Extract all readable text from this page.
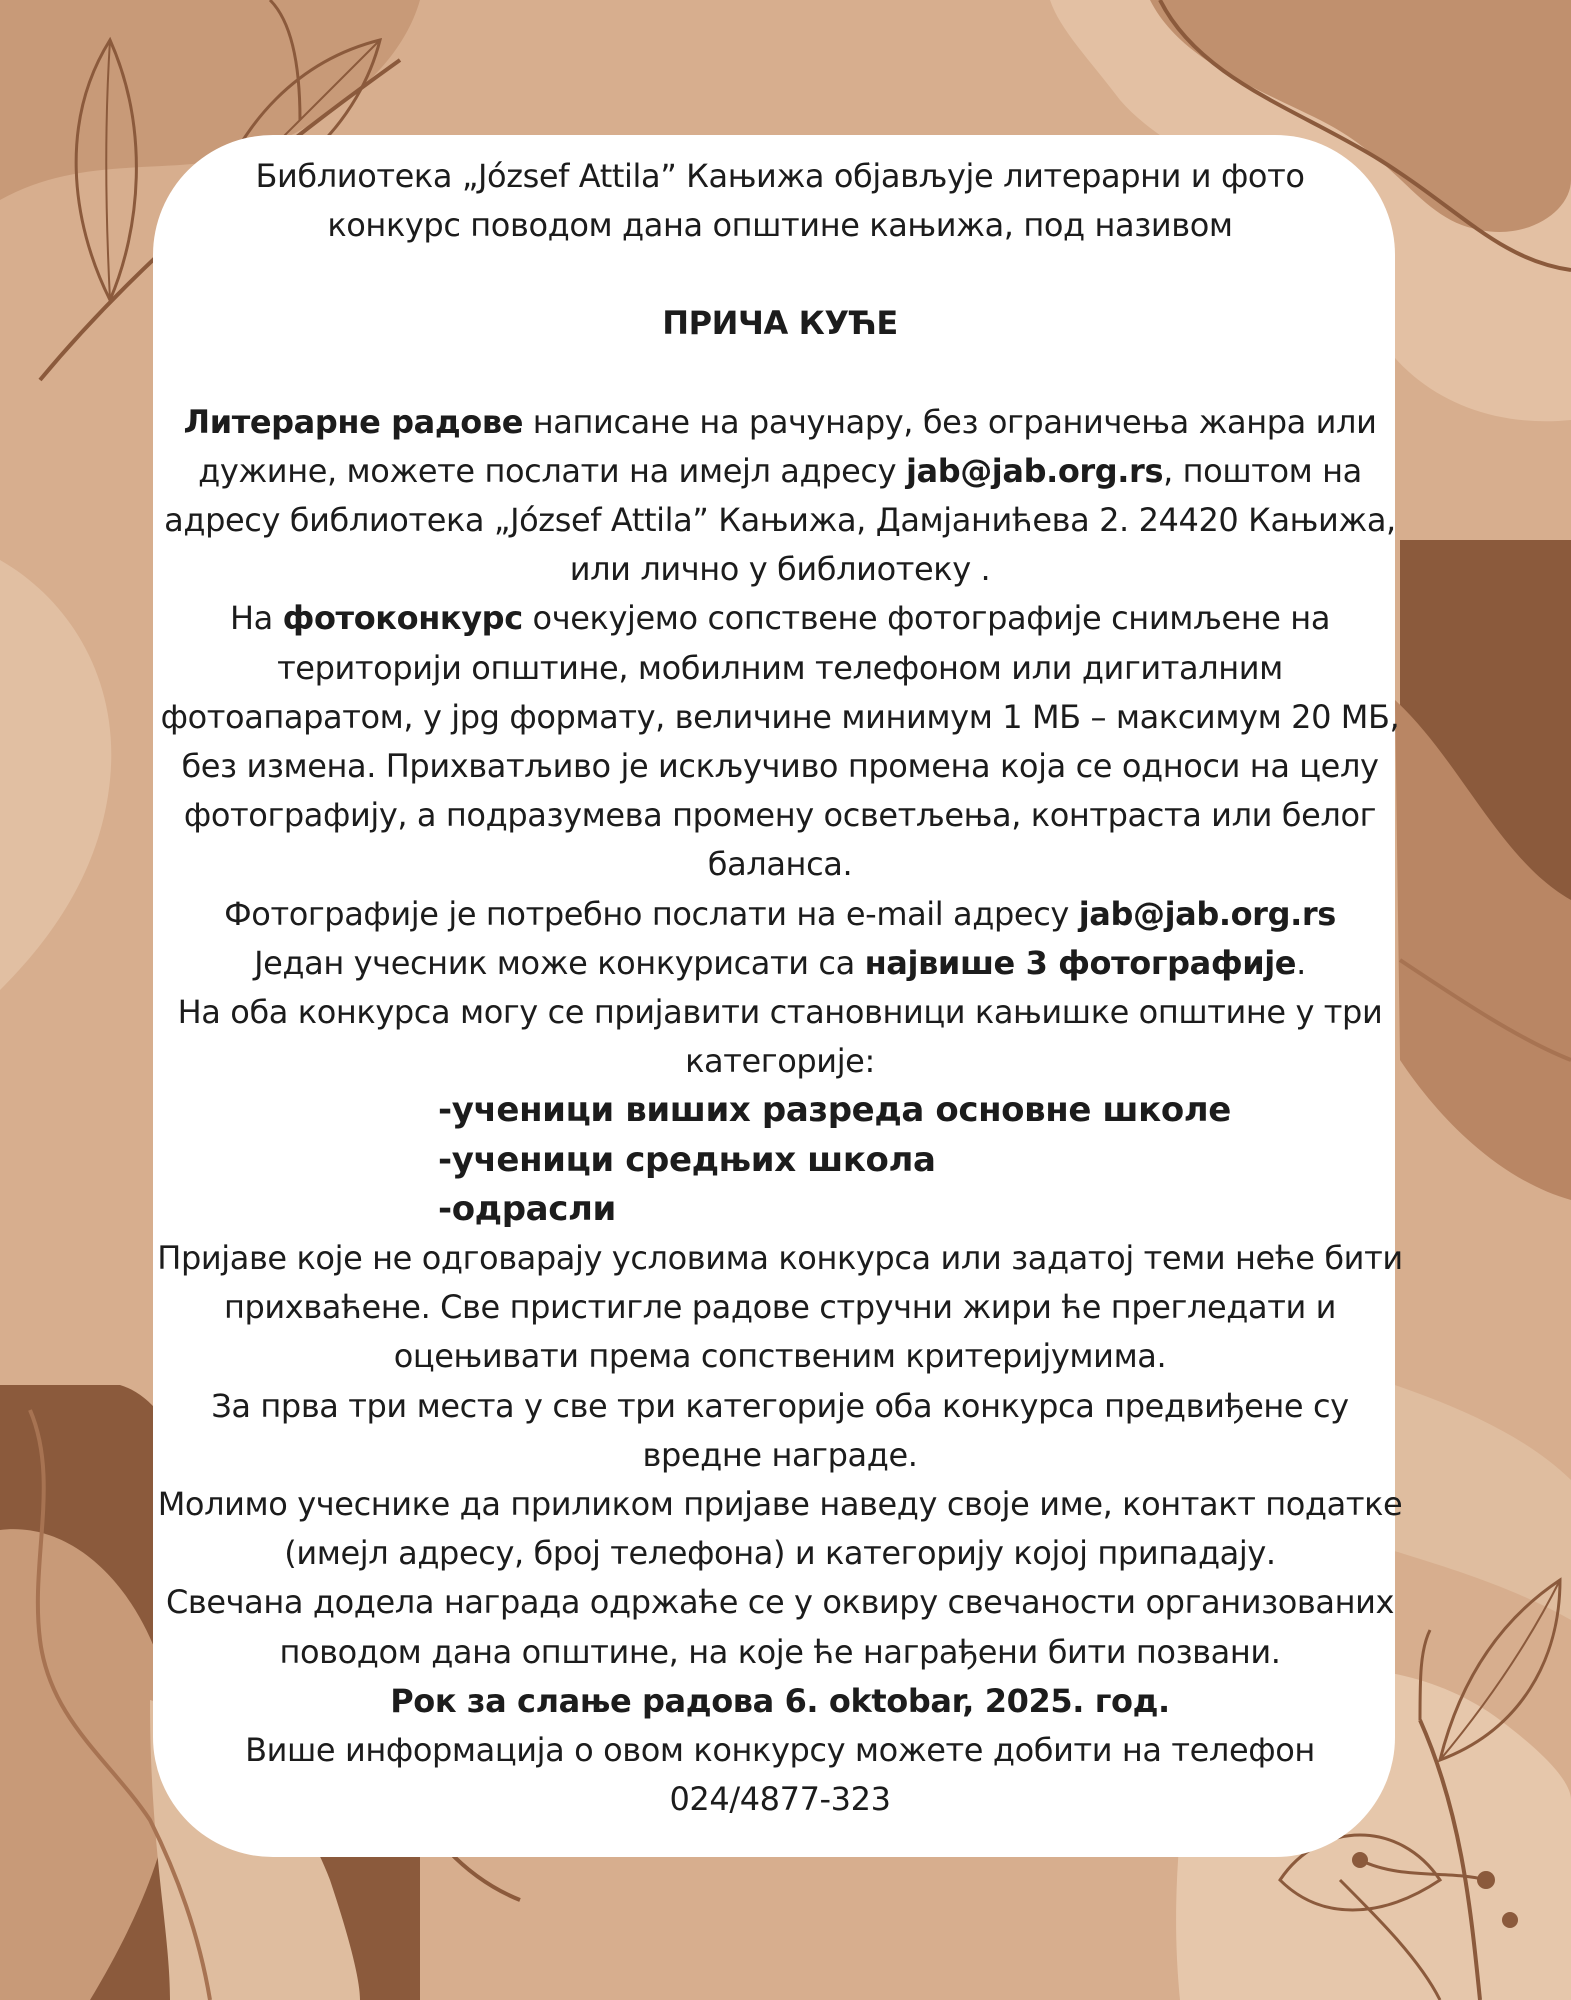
Библиотека „József Attila” Кањижа објављује литерарни и фото

конкурс поводом дана општине кањижа, под називом

ПРИЧА КУЋЕ

Литерарне радове написане на рачунару, без ограничења жанра или дужине, можете послати на имејл адресу jab@jab.org.rs, поштом на адресу библиотека „József Attila” Кањижа, Дамјанићева 2. 24420 Кањижа, или лично у библиотеку .

На фотоконкурс очекујемо сопствене фотографије снимљене на територији општине, мобилним телефоном или дигиталним фотоапаратом, у jpg формату, величине минимум 1 МБ – максимум 20 МБ, без измена. Прихватљиво је искључиво промена која се односи на целу фотографију, а подразумева промену осветљења, контраста или белог баланса.

Фотографије је потребно послати на e-mail адресу jab@jab.org.rs

Један учесник може конкурисати са највише 3 фотографије.

На оба конкурса могу се пријавити становници кањишке општине у три категорије:

-ученици виших разреда основне школе

-ученици средњих школа

-одрасли

Пријаве које не одговарају условима конкурса или задатој теми неће бити прихваћене. Све пристигле радове стручни жири ће прегледати и оцењивати према сопственим критеријумима.

За прва три места у све три категорије оба конкурса предвиђене су вредне награде.

Молимо учеснике да приликом пријаве наведу своје име, контакт податке (имејл адресу, број телефона) и категорију којој припадају.

Свечана додела награда одржаће се у оквиру свечаности организованих поводом дана општине, на које ће награђени бити позвани.

Рок за слање радова 6. oktobar, 2025. год.

Више информација о овом конкурсу можете добити на телефон

024/4877-323
